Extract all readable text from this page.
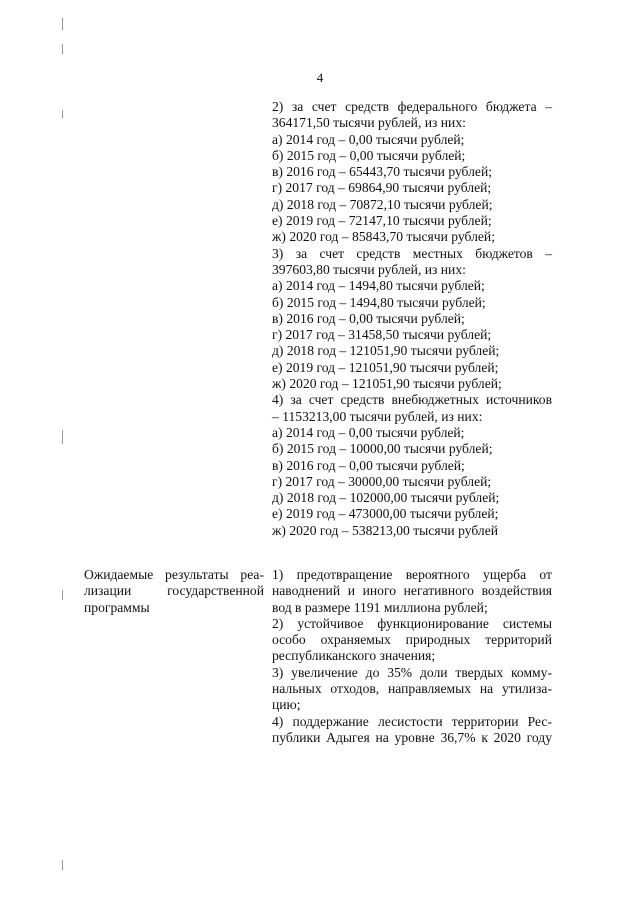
4
2) за счет средств федерального бюджета –
364171,50 тысячи рублей, из них:
а) 2014 год – 0,00 тысячи рублей;
б) 2015 год – 0,00 тысячи рублей;
в) 2016 год – 65443,70 тысячи рублей;
г) 2017 год – 69864,90 тысячи рублей;
д) 2018 год – 70872,10 тысячи рублей;
е) 2019 год – 72147,10 тысячи рублей;
ж) 2020 год – 85843,70 тысячи рублей;
3) за счет средств местных бюджетов –
397603,80 тысячи рублей, из них:
а) 2014 год – 1494,80 тысячи рублей;
б) 2015 год – 1494,80 тысячи рублей;
в) 2016 год – 0,00 тысячи рублей;
г) 2017 год – 31458,50 тысячи рублей;
д) 2018 год – 121051,90 тысячи рублей;
е) 2019 год – 121051,90 тысячи рублей;
ж) 2020 год – 121051,90 тысячи рублей;
4) за счет средств внебюджетных источников
– 1153213,00 тысячи рублей, из них:
а) 2014 год – 0,00 тысячи рублей;
б) 2015 год – 10000,00 тысячи рублей;
в) 2016 год – 0,00 тысячи рублей;
г) 2017 год – 30000,00 тысячи рублей;
д) 2018 год – 102000,00 тысячи рублей;
е) 2019 год – 473000,00 тысячи рублей;
ж) 2020 год – 538213,00 тысячи рублей
Ожидаемые результаты реа-
лизации государственной
программы
1) предотвращение вероятного ущерба от
наводнений и иного негативного воздействия
вод в размере 1191 миллиона рублей;
2) устойчивое функционирование системы
особо охраняемых природных территорий
республиканского значения;
3) увеличение до 35% доли твердых комму-
нальных отходов, направляемых на утилиза-
цию;
4) поддержание лесистости территории Рес-
публики Адыгея на уровне 36,7% к 2020 году
